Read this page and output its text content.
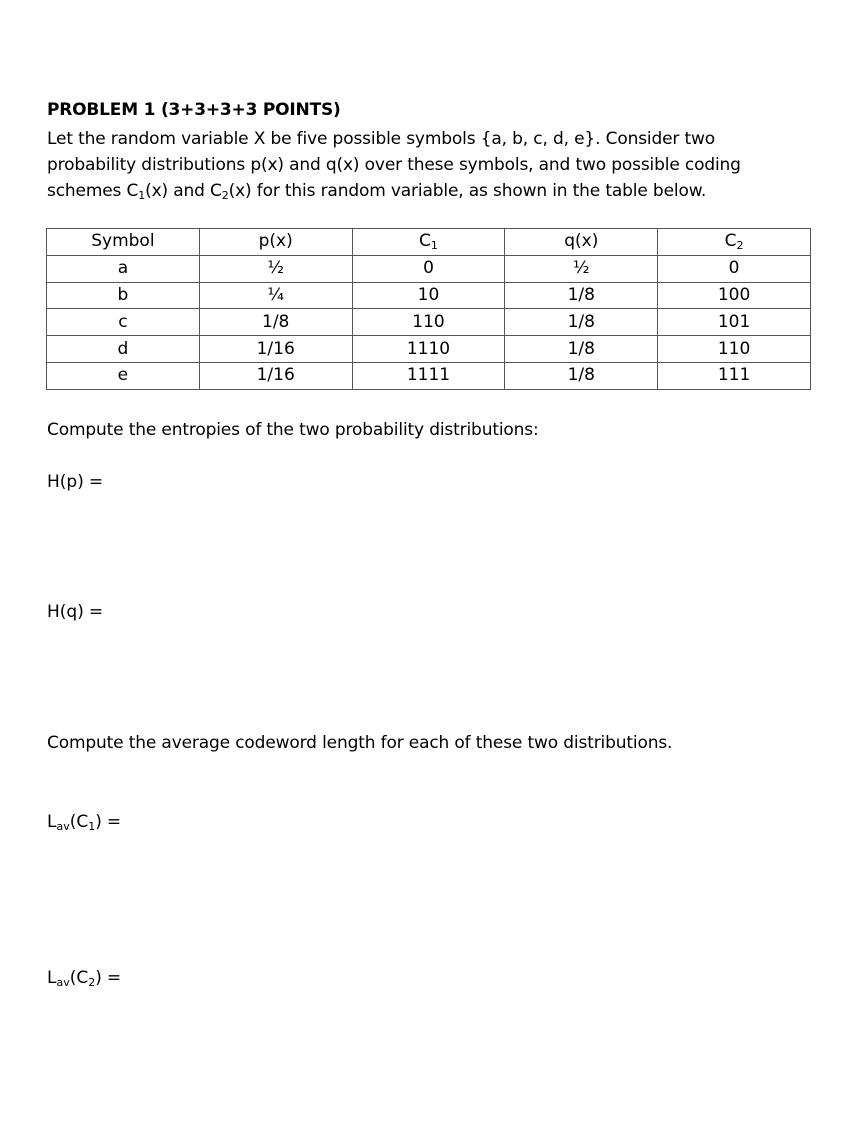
PROBLEM 1 (3+3+3+3 POINTS)
Let the random variable X be five possible symbols {a, b, c, d, e}. Consider two
probability distributions p(x) and q(x) over these symbols, and two possible coding
schemes $C_1(x)$ and $C_2(x)$ for this random variable, as shown in the table below.
Symbol	p(x)	$C_1$	q(x)	$C_2$
a	½	0	½	0
b	¼	10	1/8	100
c	1/8	110	1/8	101
d	1/16	1110	1/8	110
e	1/16	1111	1/8	111
Compute the entropies of the two probability distributions:
H(p) =
H(q) =
Compute the average codeword length for each of these two distributions.
$L_{av}(C_1)$ =
$L_{av}(C_2)$ =
